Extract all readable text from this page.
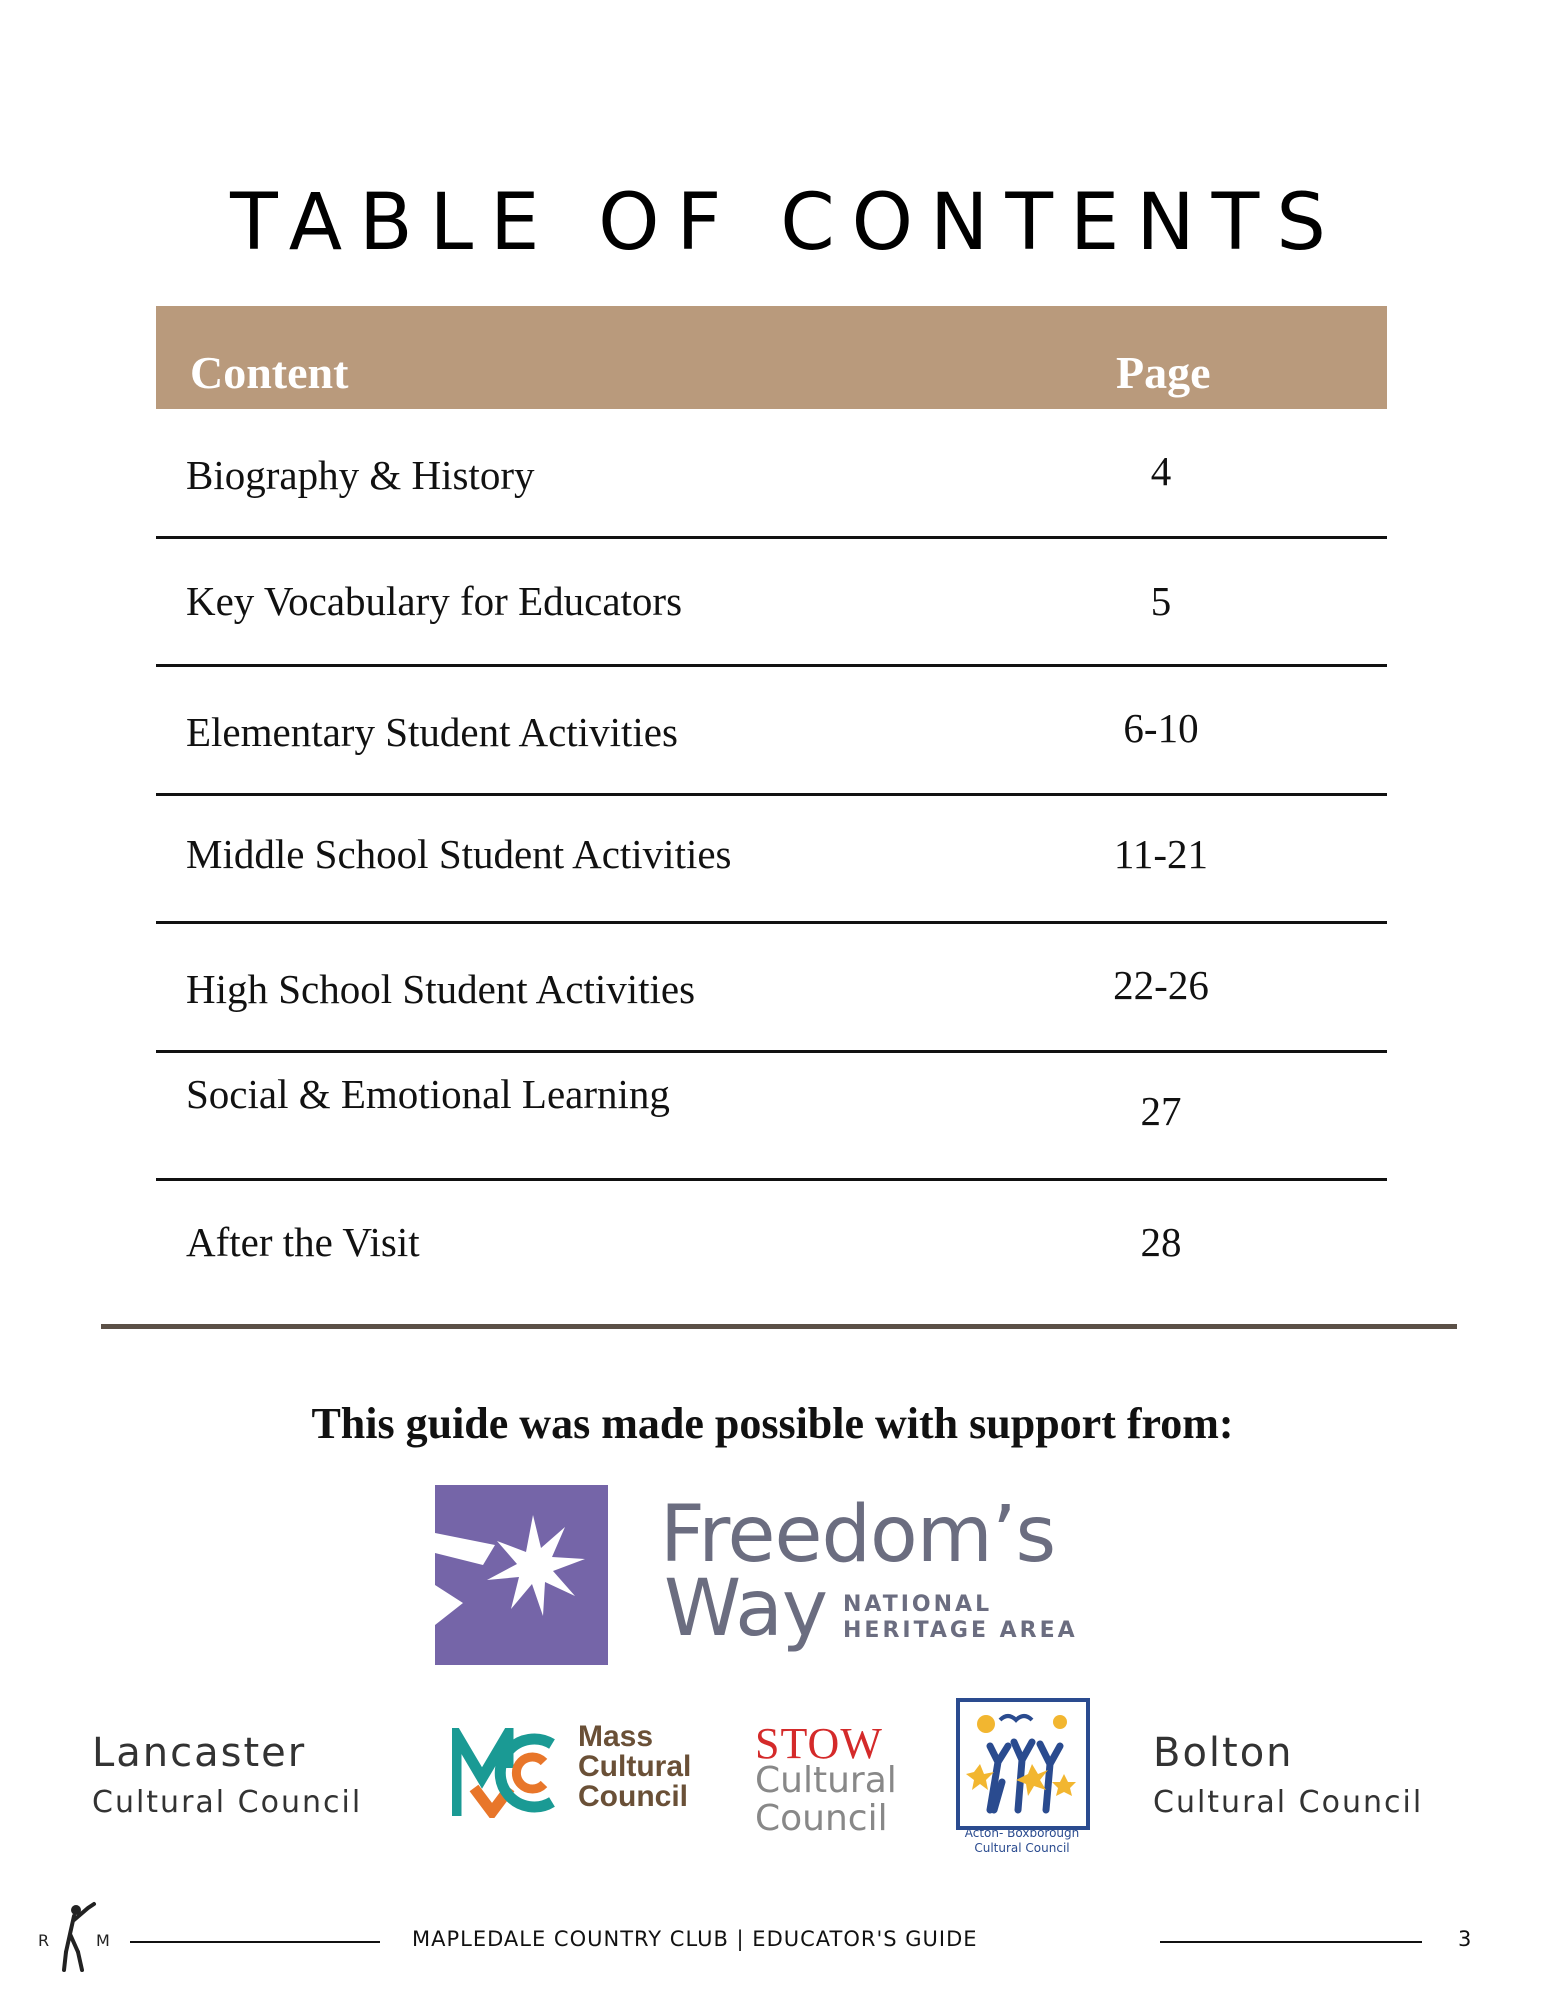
TABLE OF CONTENTS
Content	Page
Biography & History	4
Key Vocabulary for Educators	5
Elementary Student Activities	6-10
Middle School Student Activities	11-21
High School Student Activities	22-26
Social & Emotional Learning	27
After the Visit	28
This guide was made possible with support from:
Freedom’s
Way NATIONAL
HERITAGE AREA
Lancaster
Cultural Council
Mass
Cultural
Council
STOW
Cultural
Council	Acton- Boxborough
Cultural Council
Bolton
Cultural Council
R	M	MAPLEDALE COUNTRY CLUB | EDUCATOR'S GUIDE	3
